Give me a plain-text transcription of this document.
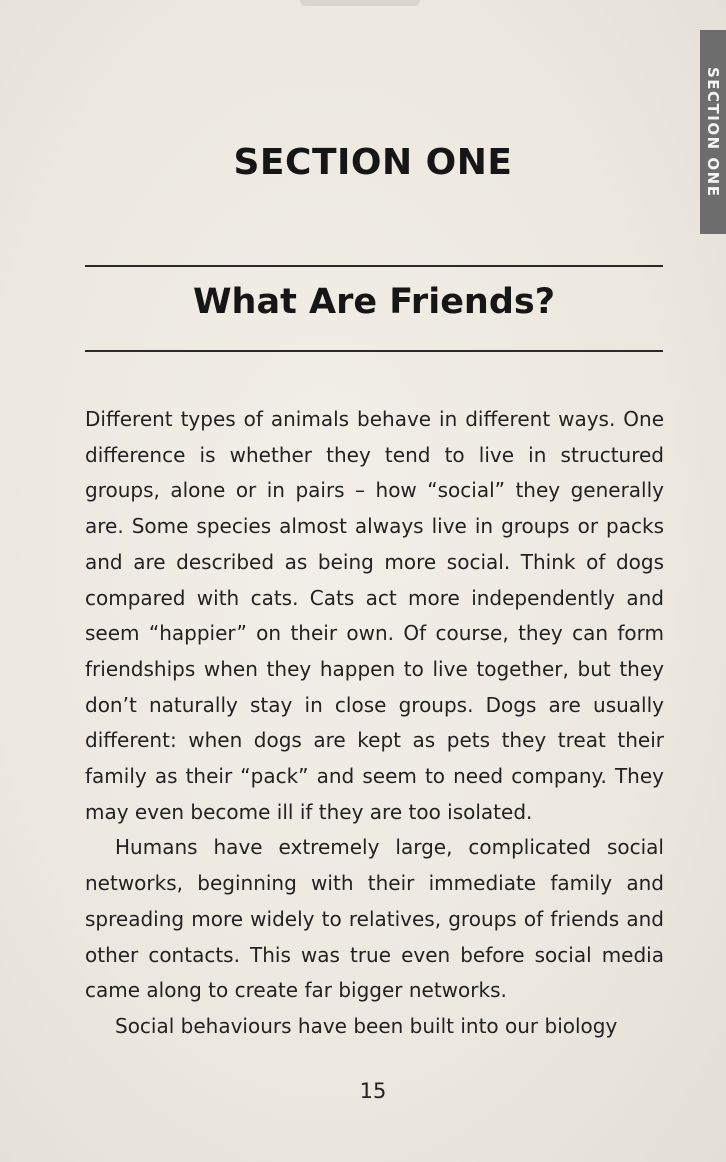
SECTION ONE
SECTION ONE
What Are Friends?

Different types of animals behave in different ways. One difference is whether they tend to live in structured groups, alone or in pairs – how “social” they generally are. Some species almost always live in groups or packs and are described as being more social. Think of dogs compared with cats. Cats act more independently and seem “happier” on their own. Of course, they can form friendships when they happen to live together, but they don’t naturally stay in close groups. Dogs are usually different: when dogs are kept as pets they treat their family as their “pack” and seem to need company. They may even become ill if they are too isolated.

Humans have extremely large, complicated social networks, beginning with their immediate family and spreading more widely to relatives, groups of friends and other contacts. This was true even before social media came along to create far bigger networks.

Social behaviours have been built into our biology

15
